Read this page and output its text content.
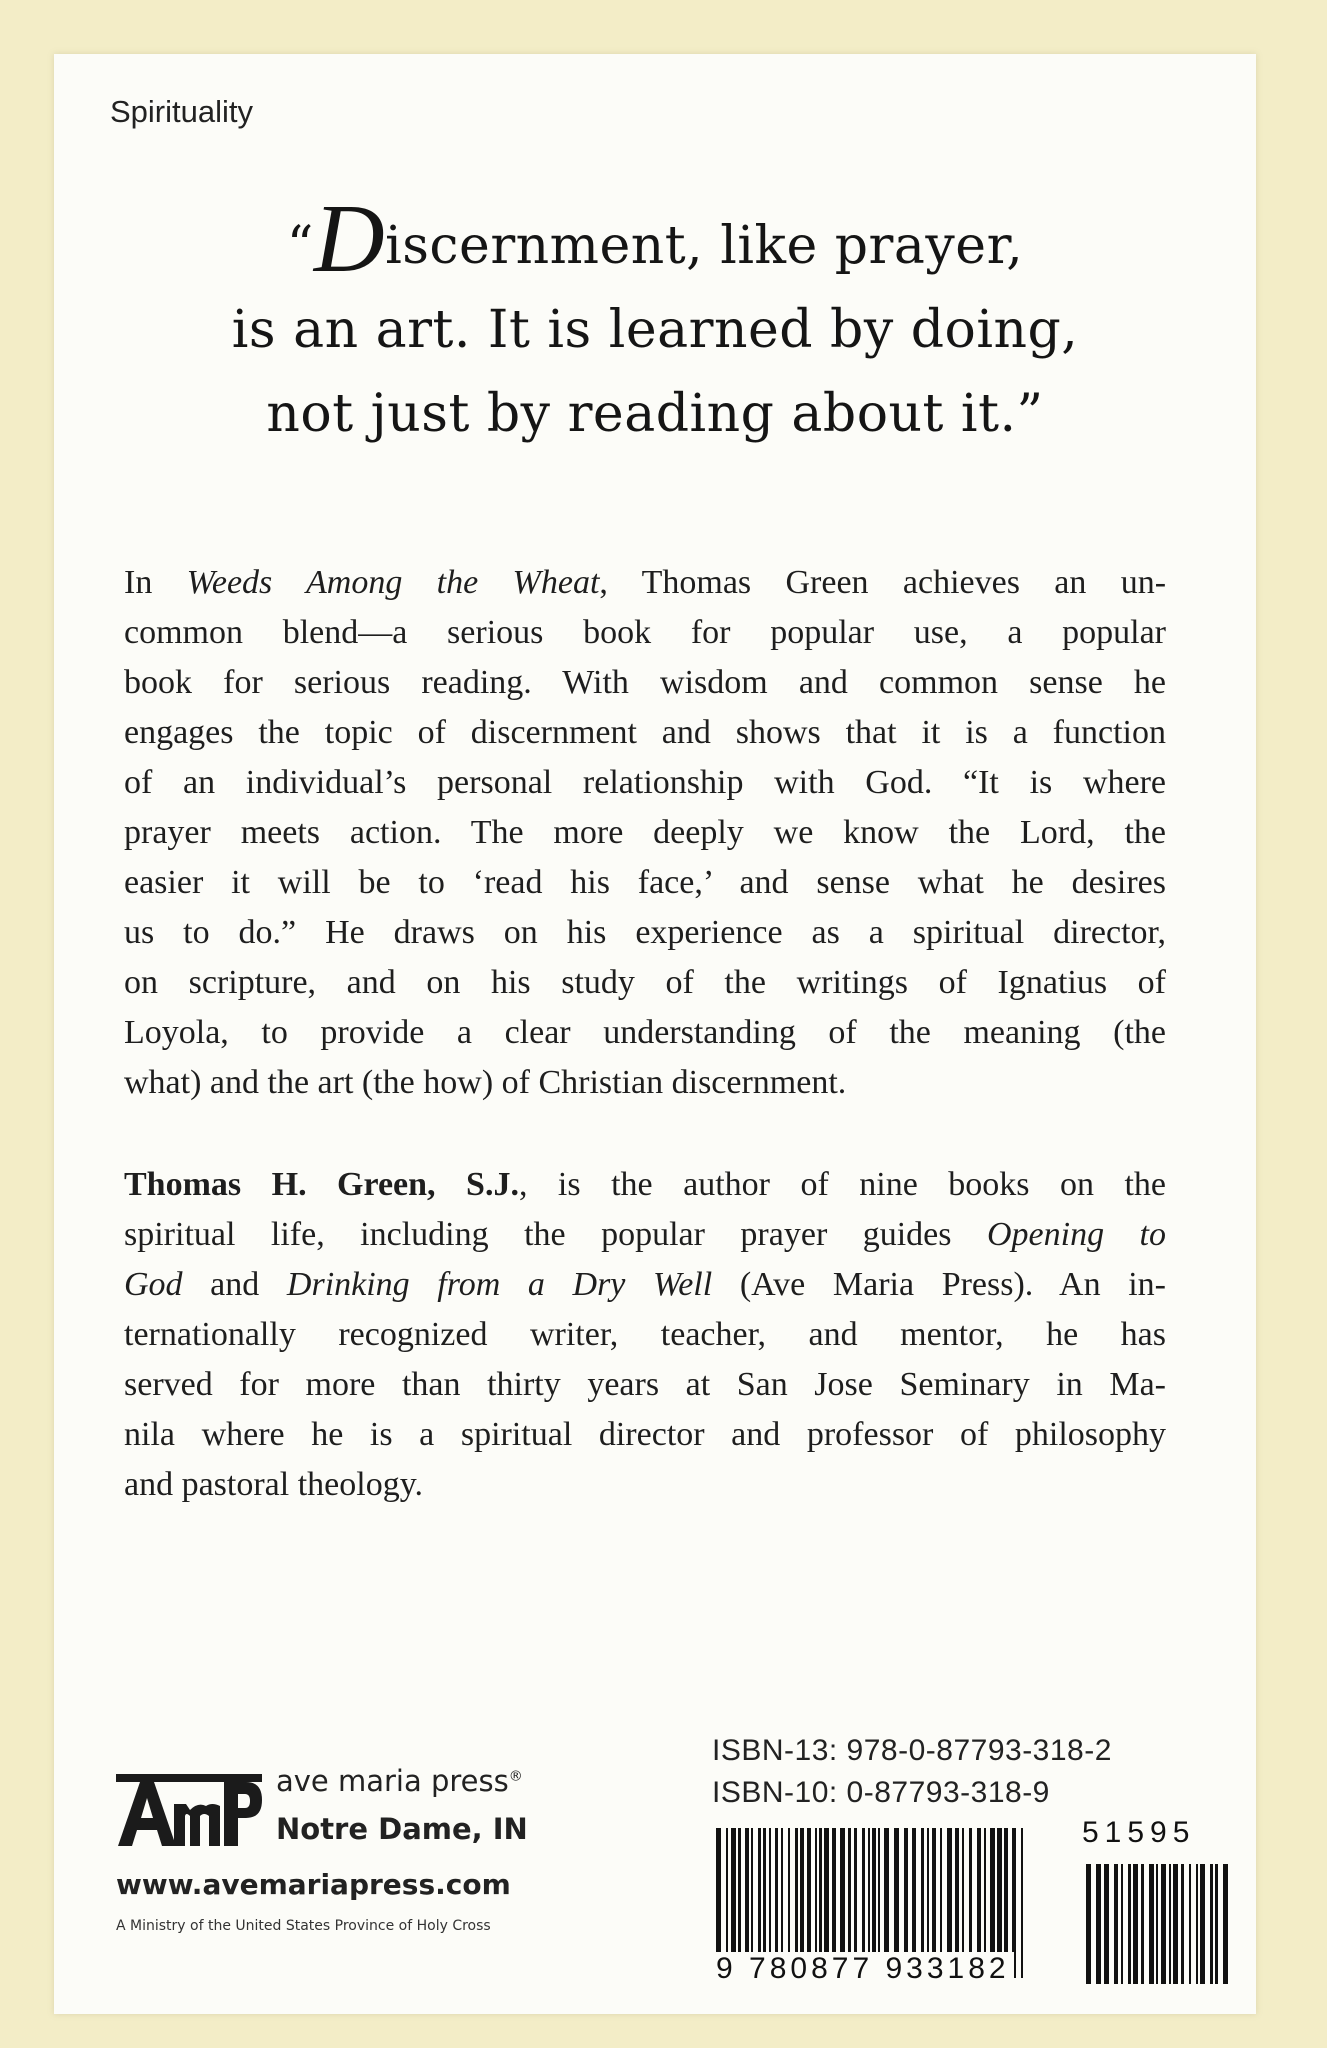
Spirituality
“Discernment, like prayer,
is an art. It is learned by doing,
not just by reading about it.”
In Weeds Among the Wheat, Thomas Green achieves an un-
common blend—a serious book for popular use, a popular
book for serious reading. With wisdom and common sense he
engages the topic of discernment and shows that it is a function
of an individual’s personal relationship with God. “It is where
prayer meets action. The more deeply we know the Lord, the
easier it will be to ‘read his face,’ and sense what he desires
us to do.” He draws on his experience as a spiritual director,
on scripture, and on his study of the writings of Ignatius of
Loyola, to provide a clear understanding of the meaning (the
what) and the art (the how) of Christian discernment.
Thomas H. Green, S.J., is the author of nine books on the
spiritual life, including the popular prayer guides Opening to
God and Drinking from a Dry Well (Ave Maria Press). An in-
ternationally recognized writer, teacher, and mentor, he has
served for more than thirty years at San Jose Seminary in Ma-
nila where he is a spiritual director and professor of philosophy
and pastoral theology.
ave maria press®
Notre Dame, IN
www.avemariapress.com
A Ministry of the United States Province of Holy Cross
ISBN-13: 978-0-87793-318-2
ISBN-10: 0-87793-318-9
51595
9 780877 933182
